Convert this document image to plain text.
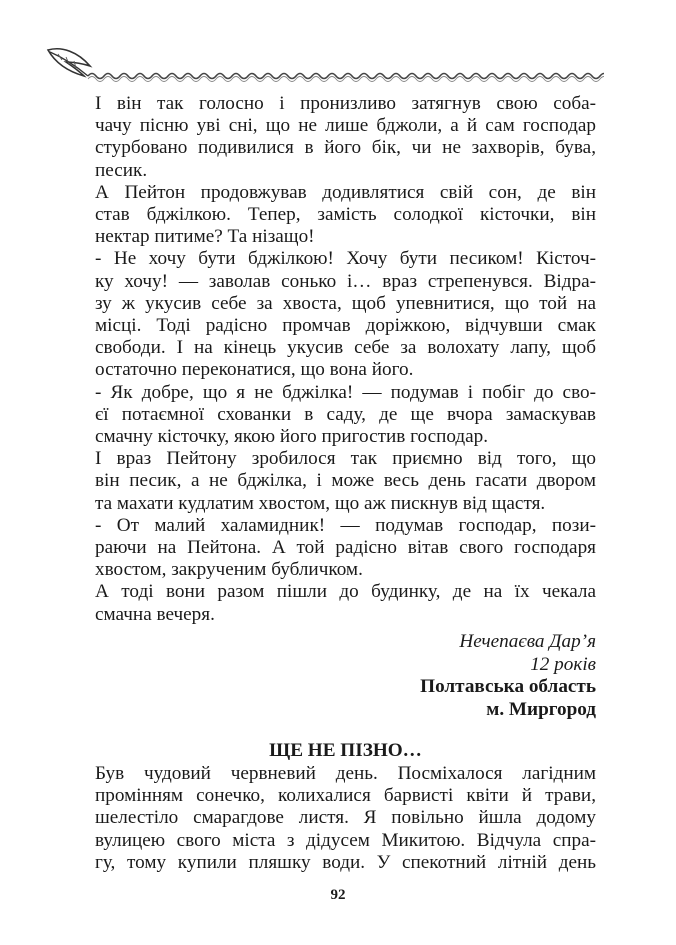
І він так голосно і пронизливо затягнув свою соба-
чачу пісню уві сні, що не лише бджоли, а й сам господар
стурбовано подивилися в його бік, чи не захворів, бува,
песик.
А Пейтон продовжував додивлятися свій сон, де він
став бджілкою. Тепер, замість солодкої кісточки, він
нектар питиме? Та нізащо!
- Не хочу бути бджілкою! Хочу бути песиком! Кісточ-
ку хочу! — заволав сонько і… враз стрепенувся. Відра-
зу ж укусив себе за хвоста, щоб упевнитися, що той на
місці. Тоді радісно промчав доріжкою, відчувши смак
свободи. І на кінець укусив себе за волохату лапу, щоб
остаточно переконатися, що вона його.
- Як добре, що я не бджілка! — подумав і побіг до сво-
єї потаємної схованки в саду, де ще вчора замаскував
смачну кісточку, якою його пригостив господар.
І враз Пейтону зробилося так приємно від того, що
він песик, а не бджілка, і може весь день гасати двором
та махати кудлатим хвостом, що аж пискнув від щастя.
- От малий халамидник! — подумав господар, пози-
раючи на Пейтона. А той радісно вітав свого господаря
хвостом, закрученим бубличком.
А тоді вони разом пішли до будинку, де на їх чекала
смачна вечеря.
Нечепаєва Дар’я
12 років
Полтавська область
м. Миргород
ЩЕ НЕ ПІЗНО…
Був чудовий червневий день. Посміхалося лагідним
промінням сонечко, колихалися барвисті квіти й трави,
шелестіло смарагдове листя. Я повільно йшла додому
вулицею свого міста з дідусем Микитою. Відчула спра-
гу, тому купили пляшку води. У спекотний літній день
92
